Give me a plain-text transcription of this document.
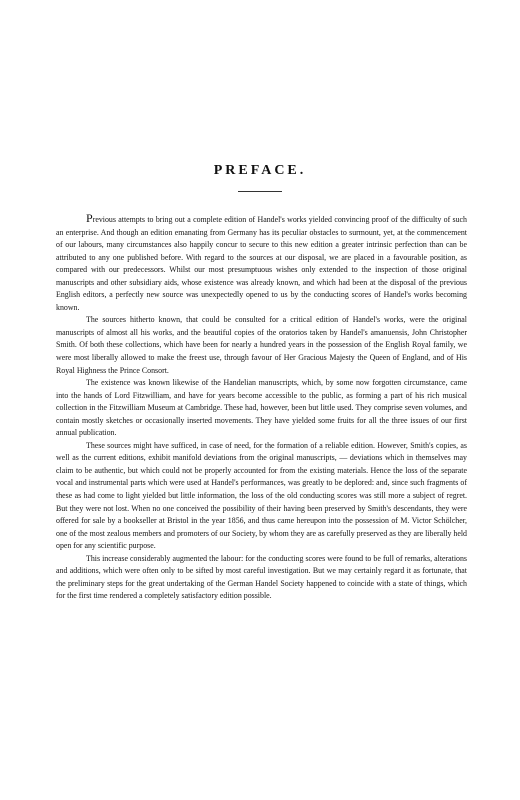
PREFACE.

Previous attempts to bring out a complete edition of Handel's works yielded convincing proof of the difficulty of such an enterprise. And though an edition emanating from Germany has its peculiar obstacles to surmount, yet, at the commencement of our labours, many circumstances also happily concur to secure to this new edition a greater intrinsic perfection than can be attributed to any one published before. With regard to the sources at our disposal, we are placed in a favourable position, as compared with our predecessors. Whilst our most presumptuous wishes only extended to the inspection of those original manuscripts and other subsidiary aids, whose existence was already known, and which had been at the disposal of the previous English editors, a perfectly new source was unexpectedly opened to us by the conducting scores of Handel's works becoming known.

The sources hitherto known, that could be consulted for a critical edition of Handel's works, were the original manuscripts of almost all his works, and the beautiful copies of the oratorios taken by Handel's amanuensis, John Christopher Smith. Of both these collections, which have been for nearly a hundred years in the possession of the English Royal family, we were most liberally allowed to make the freest use, through favour of Her Gracious Majesty the Queen of England, and of His Royal Highness the Prince Consort.

The existence was known likewise of the Handelian manuscripts, which, by some now forgotten circumstance, came into the hands of Lord Fitzwilliam, and have for years become accessible to the public, as forming a part of his rich musical collection in the Fitzwilliam Museum at Cambridge. These had, however, been but little used. They comprise seven volumes, and contain mostly sketches or occasionally inserted movements. They have yielded some fruits for all the three issues of our first annual publication.

These sources might have sufficed, in case of need, for the formation of a reliable edition. However, Smith's copies, as well as the current editions, exhibit manifold deviations from the original manuscripts, — deviations which in themselves may claim to be authentic, but which could not be properly accounted for from the existing materials. Hence the loss of the separate vocal and instrumental parts which were used at Handel's performances, was greatly to be deplored: and, since such fragments of these as had come to light yielded but little information, the loss of the old conducting scores was still more a subject of regret. But they were not lost. When no one conceived the possibility of their having been preserved by Smith's descendants, they were offered for sale by a bookseller at Bristol in the year 1856, and thus came hereupon into the possession of M. Victor Schölcher, one of the most zealous members and promoters of our Society, by whom they are as carefully preserved as they are liberally held open for any scientific purpose.

This increase considerably augmented the labour: for the conducting scores were found to be full of remarks, alterations and additions, which were often only to be sifted by most careful investigation. But we may certainly regard it as fortunate, that the preliminary steps for the great undertaking of the German Handel Society happened to coincide with a state of things, which for the first time rendered a completely satisfactory edition possible.
